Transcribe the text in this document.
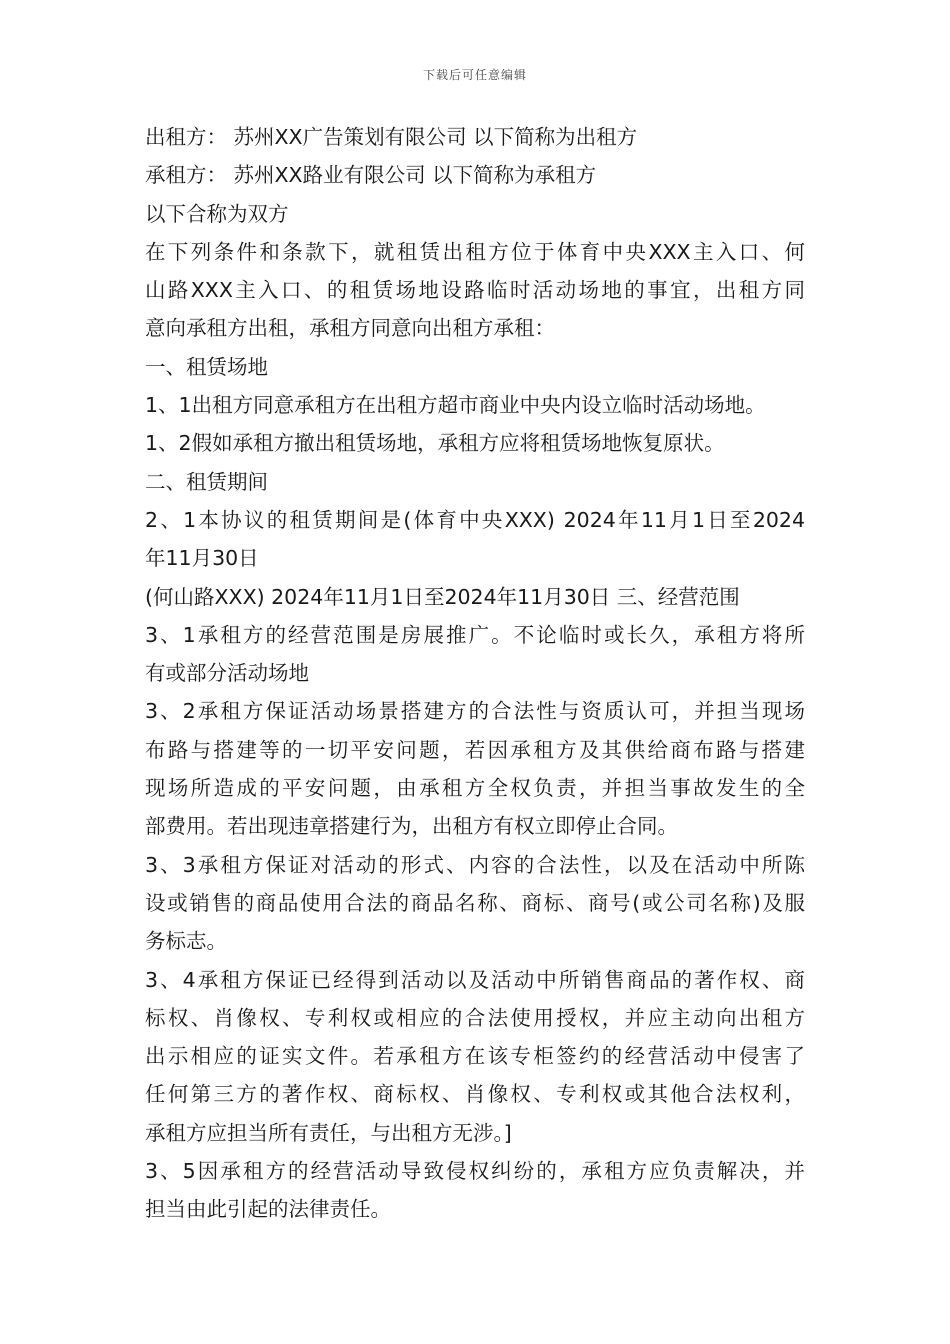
下载后可任意编辑
出租方： 苏州XX广告策划有限公司 以下简称为出租方
承租方： 苏州XX路业有限公司 以下简称为承租方
以下合称为双方
在下列条件和条款下，就租赁出租方位于体育中央XXX主入口、何
山路XXX主入口、的租赁场地设路临时活动场地的事宜，出租方同
意向承租方出租，承租方同意向出租方承租：
一、租赁场地
1、1出租方同意承租方在出租方超市商业中央内设立临时活动场地。
1、2假如承租方撤出租赁场地，承租方应将租赁场地恢复原状。
二、租赁期间
2、1本协议的租赁期间是(体育中央XXX) 2024年11月1日至2024
年11月30日
(何山路XXX) 2024年11月1日至2024年11月30日 三、经营范围
3、1承租方的经营范围是房展推广。不论临时或长久，承租方将所
有或部分活动场地
3、2承租方保证活动场景搭建方的合法性与资质认可，并担当现场
布路与搭建等的一切平安问题，若因承租方及其供给商布路与搭建
现场所造成的平安问题，由承租方全权负责，并担当事故发生的全
部费用。若出现违章搭建行为，出租方有权立即停止合同。
3、3承租方保证对活动的形式、内容的合法性，以及在活动中所陈
设或销售的商品使用合法的商品名称、商标、商号(或公司名称)及服
务标志。
3、4承租方保证已经得到活动以及活动中所销售商品的著作权、商
标权、肖像权、专利权或相应的合法使用授权，并应主动向出租方
出示相应的证实文件。若承租方在该专柜签约的经营活动中侵害了
任何第三方的著作权、商标权、肖像权、专利权或其他合法权利，
承租方应担当所有责任，与出租方无涉。]
3、5因承租方的经营活动导致侵权纠纷的，承租方应负责解决，并
担当由此引起的法律责任。
